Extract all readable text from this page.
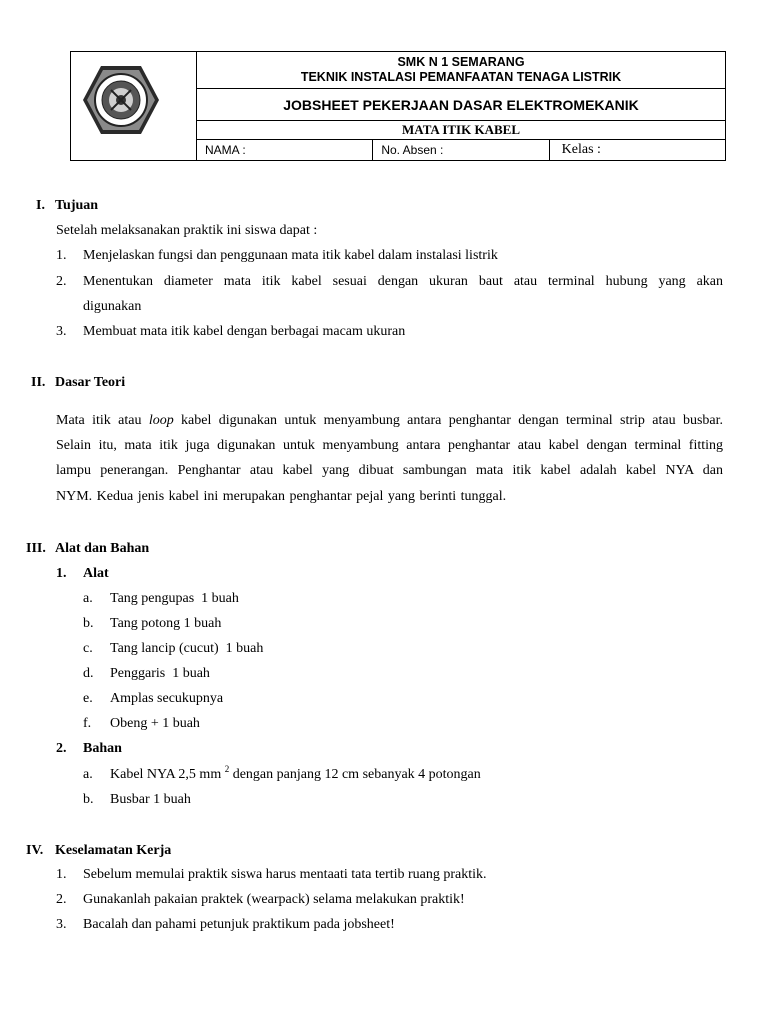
SMK N 1 SEMARANG
TEKNIK INSTALASI PEMANFAATAN TENAGA LISTRIK		

	JOBSHEET PEKERJAAN DASAR ELEKTROMEKANIK		
	MATA ITIK KABEL		
	NAMA :	No. Absen :	Kelas :
I. Tujuan
Setelah melaksanakan praktik ini siswa dapat :
1. Menjelaskan fungsi dan penggunaan mata itik kabel dalam instalasi listrik
2. Menentukan diameter mata itik kabel sesuai dengan ukuran baut atau terminal hubung yang akan
digunakan
3. Membuat mata itik kabel dengan berbagai macam ukuran
II. Dasar Teori
Mata itik atau loop kabel digunakan untuk menyambung antara penghantar dengan terminal strip atau busbar.
Selain itu, mata itik juga digunakan untuk menyambung antara penghantar atau kabel dengan terminal fitting
lampu penerangan. Penghantar atau kabel yang dibuat sambungan mata itik kabel adalah kabel NYA dan
NYM. Kedua jenis kabel ini merupakan penghantar pejal yang berinti tunggal.
III. Alat dan Bahan
1. Alat
a. Tang pengupas  1 buah
b. Tang potong 1 buah
c. Tang lancip (cucut)  1 buah
d. Penggaris  1 buah
e. Amplas secukupnya
f. Obeng + 1 buah
2. Bahan
a. Kabel NYA 2,5 mm $^2$ dengan panjang 12 cm sebanyak 4 potongan
b. Busbar 1 buah
IV. Keselamatan Kerja
1. Sebelum memulai praktik siswa harus mentaati tata tertib ruang praktik.
2. Gunakanlah pakaian praktek (wearpack) selama melakukan praktik!
3. Bacalah dan pahami petunjuk praktikum pada jobsheet!
